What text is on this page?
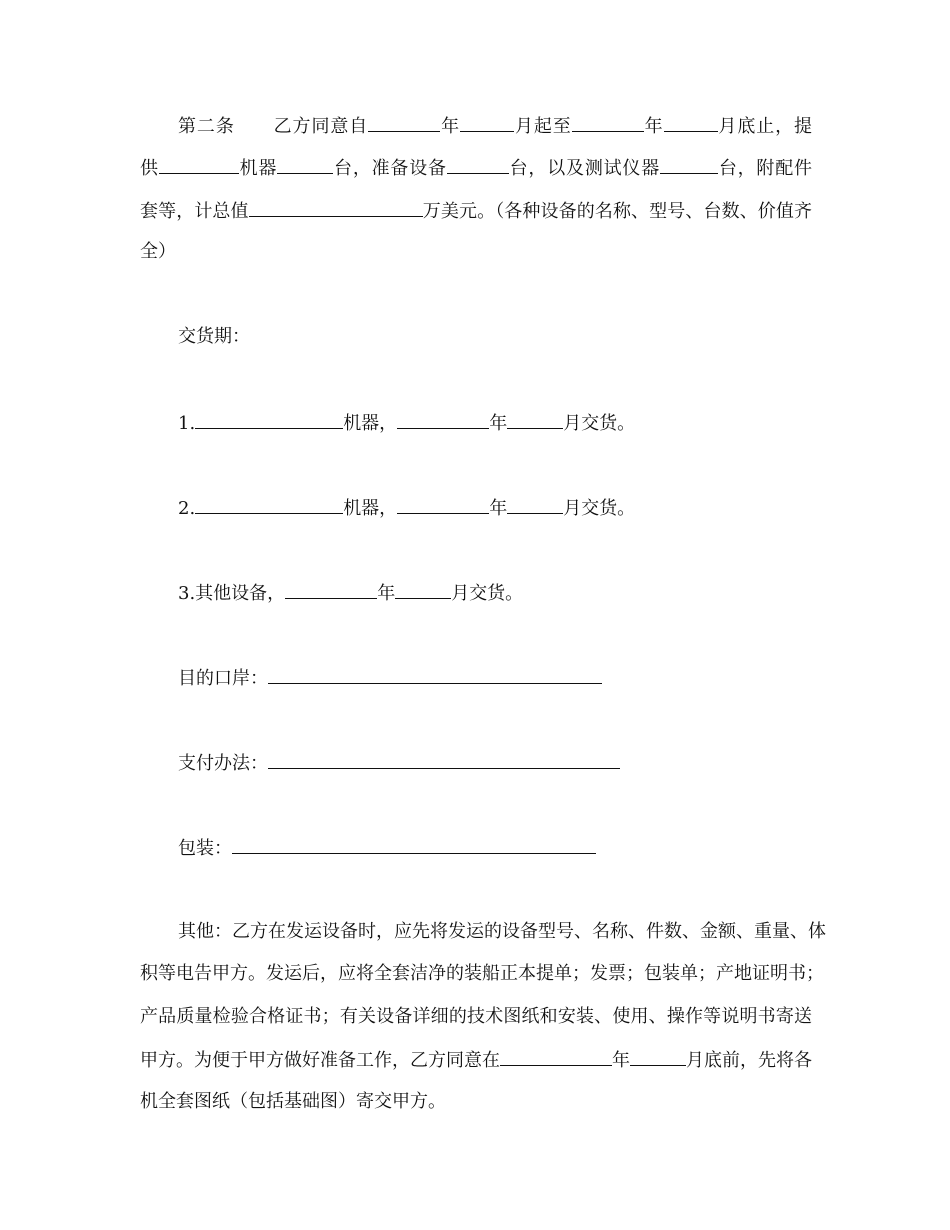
第二条 乙方同意自	年	月起至	年	月底止，提
供	机器	台，准备设备	台，以及测试仪器	台，附配件
套等，计总值	万美元。（各种设备的名称、型号、台数、价值齐
全）
交货期：
1.	机器，	年	月交货。
2.	机器，	年	月交货。
3.其他设备，	年	月交货。
目的口岸：
支付办法：
包装：
其他：乙方在发运设备时，应先将发运的设备型号、名称、件数、金额、重量、体
积等电告甲方。发运后，应将全套洁净的装船正本提单；发票；包装单；产地证明书；
产品质量检验合格证书；有关设备详细的技术图纸和安装、使用、操作等说明书寄送
甲方。为便于甲方做好准备工作，乙方同意在	年	月底前，先将各
机全套图纸（包括基础图）寄交甲方。
